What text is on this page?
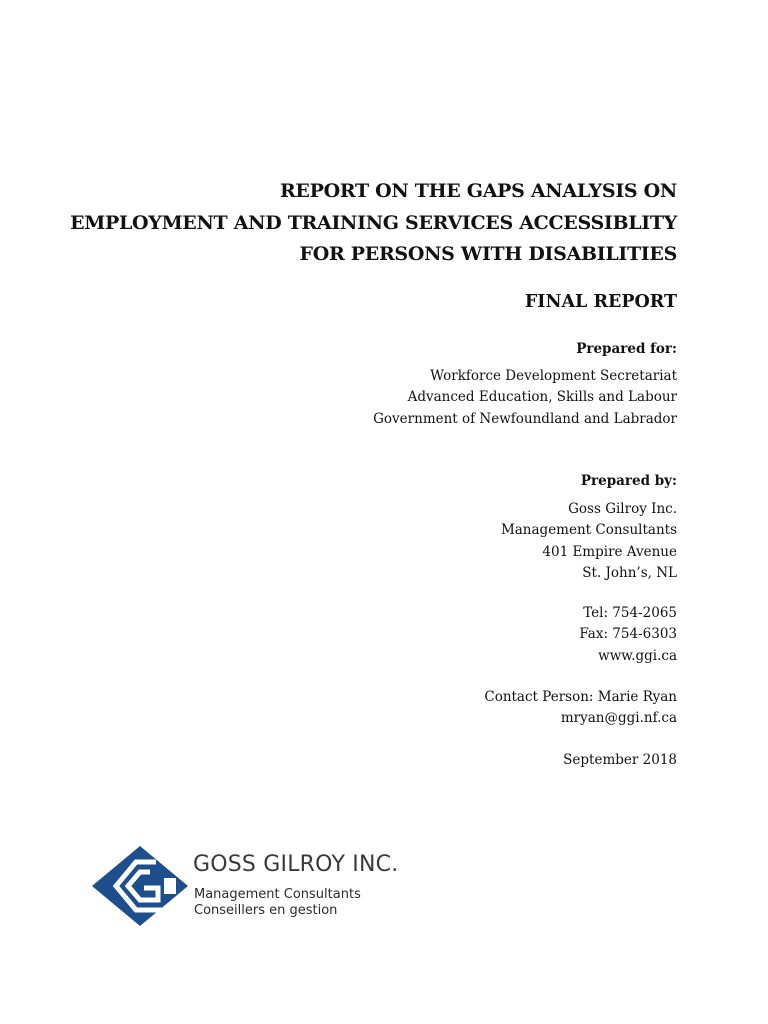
REPORT ON THE GAPS ANALYSIS ON
EMPLOYMENT AND TRAINING SERVICES ACCESSIBLITY
FOR PERSONS WITH DISABILITIES
FINAL REPORT
Prepared for:
Workforce Development Secretariat
Advanced Education, Skills and Labour
Government of Newfoundland and Labrador
Prepared by:
Goss Gilroy Inc.
Management Consultants
401 Empire Avenue
St. John’s, NL
Tel: 754-2065
Fax: 754-6303
www.ggi.ca
Contact Person: Marie Ryan
mryan@ggi.nf.ca
September 2018
GOSS GILROY INC.
Management Consultants
Conseillers en gestion
